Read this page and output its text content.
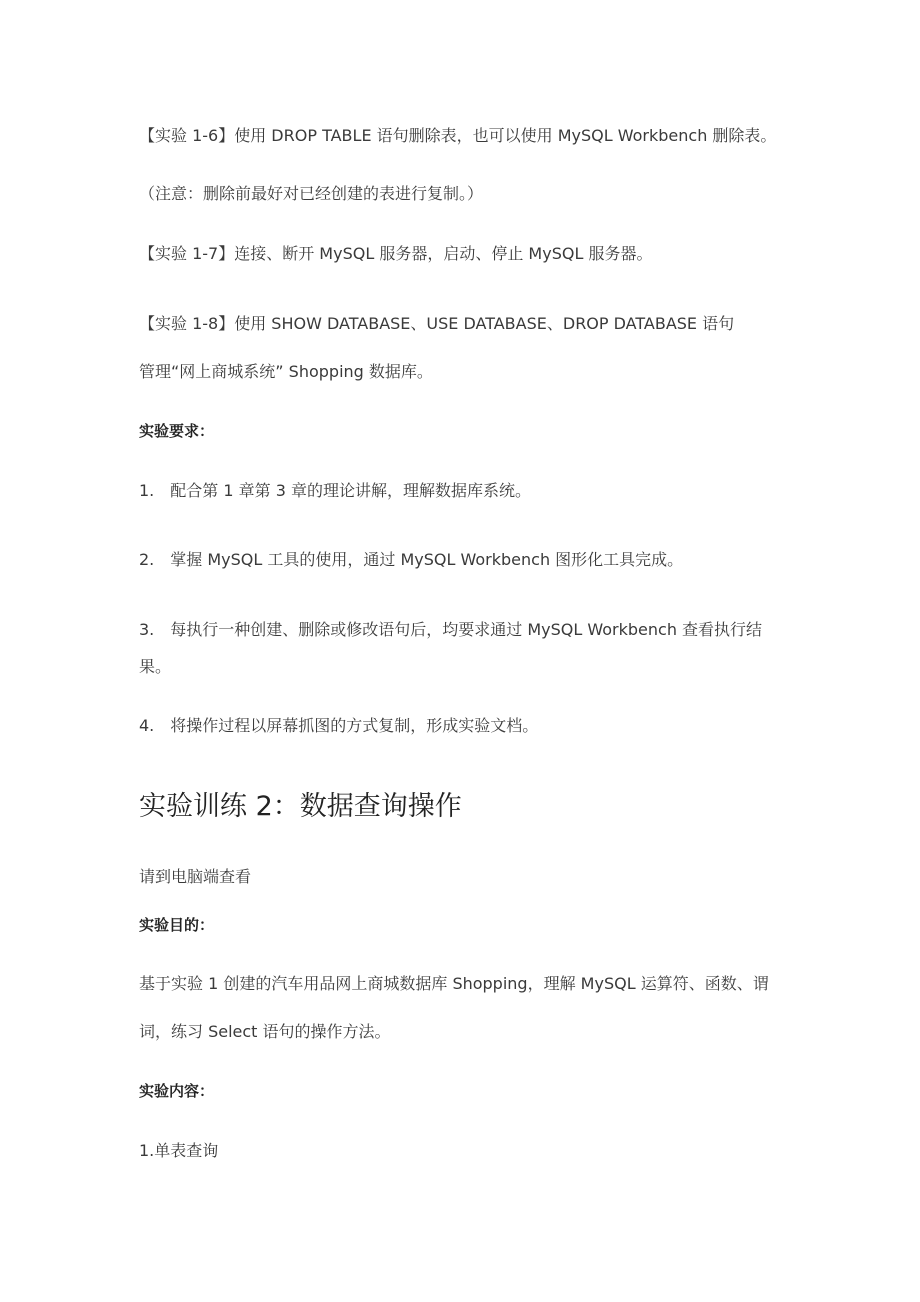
【实验 1-6】使用 DROP TABLE 语句删除表，也可以使用 MySQL Workbench 删除表。
（注意：删除前最好对已经创建的表进行复制。）
【实验 1-7】连接、断开 MySQL 服务器，启动、停止 MySQL 服务器。
【实验 1-8】使用 SHOW DATABASE、USE DATABASE、DROP DATABASE 语句
管理“网上商城系统” Shopping 数据库。
实验要求：
1.　配合第 1 章第 3 章的理论讲解，理解数据库系统。
2.　掌握 MySQL 工具的使用，通过 MySQL Workbench 图形化工具完成。
3.　每执行一种创建、删除或修改语句后，均要求通过 MySQL Workbench 查看执行结
果。
4.　将操作过程以屏幕抓图的方式复制，形成实验文档。
实验训练 2：数据查询操作
请到电脑端查看
实验目的：
基于实验 1 创建的汽车用品网上商城数据库 Shopping，理解 MySQL 运算符、函数、谓
词，练习 Select 语句的操作方法。
实验内容：
1.单表查询
